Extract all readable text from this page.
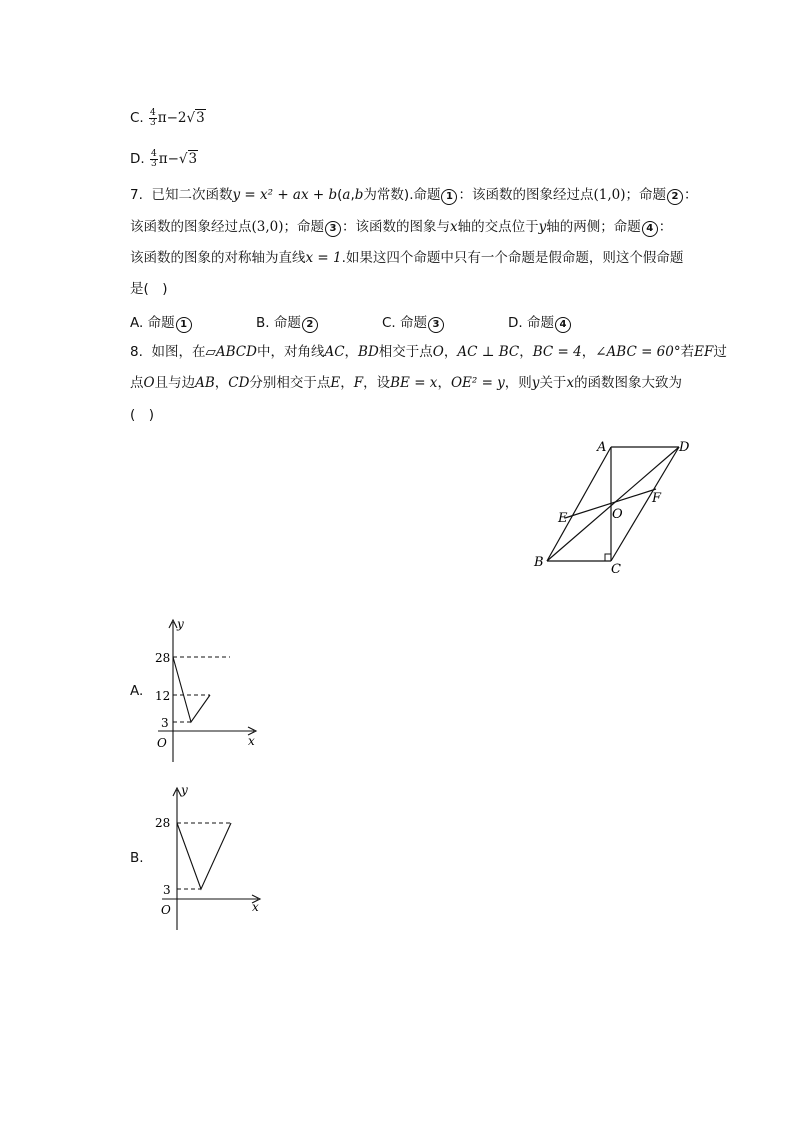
C. $\frac{4}{3} \pi-2√3$
D. $\frac{4}{3} \pi-√3$
7. 已知二次函数y = x² + ax + b(a,b为常数).命题 1 ：该函数的图象经过点(1,0)；命题 2 ：
该函数的图象经过点(3,0)；命题 3 ：该函数的图象与x轴的交点位于y轴的两侧；命题 4 ：
该函数的图象的对称轴为直线x = 1.如果这四个命题中只有一个命题是假命题，则这个假命题
是(　)
A. 命题 1	B. 命题 2	C. 命题 3	D. 命题 4
8. 如图，在▱ABCD中，对角线AC，BD相交于点O，AC ⊥ BC，BC = 4，∠ABC = 60°若EF过
点O且与边AB，CD分别相交于点E，F，设BE = x，OE² = y，则y关于x的函数图象大致为
(　)
A	D
E	O
F
B	C
A.
y
x
O
28
12
3
B.
y
x
O
28
3
